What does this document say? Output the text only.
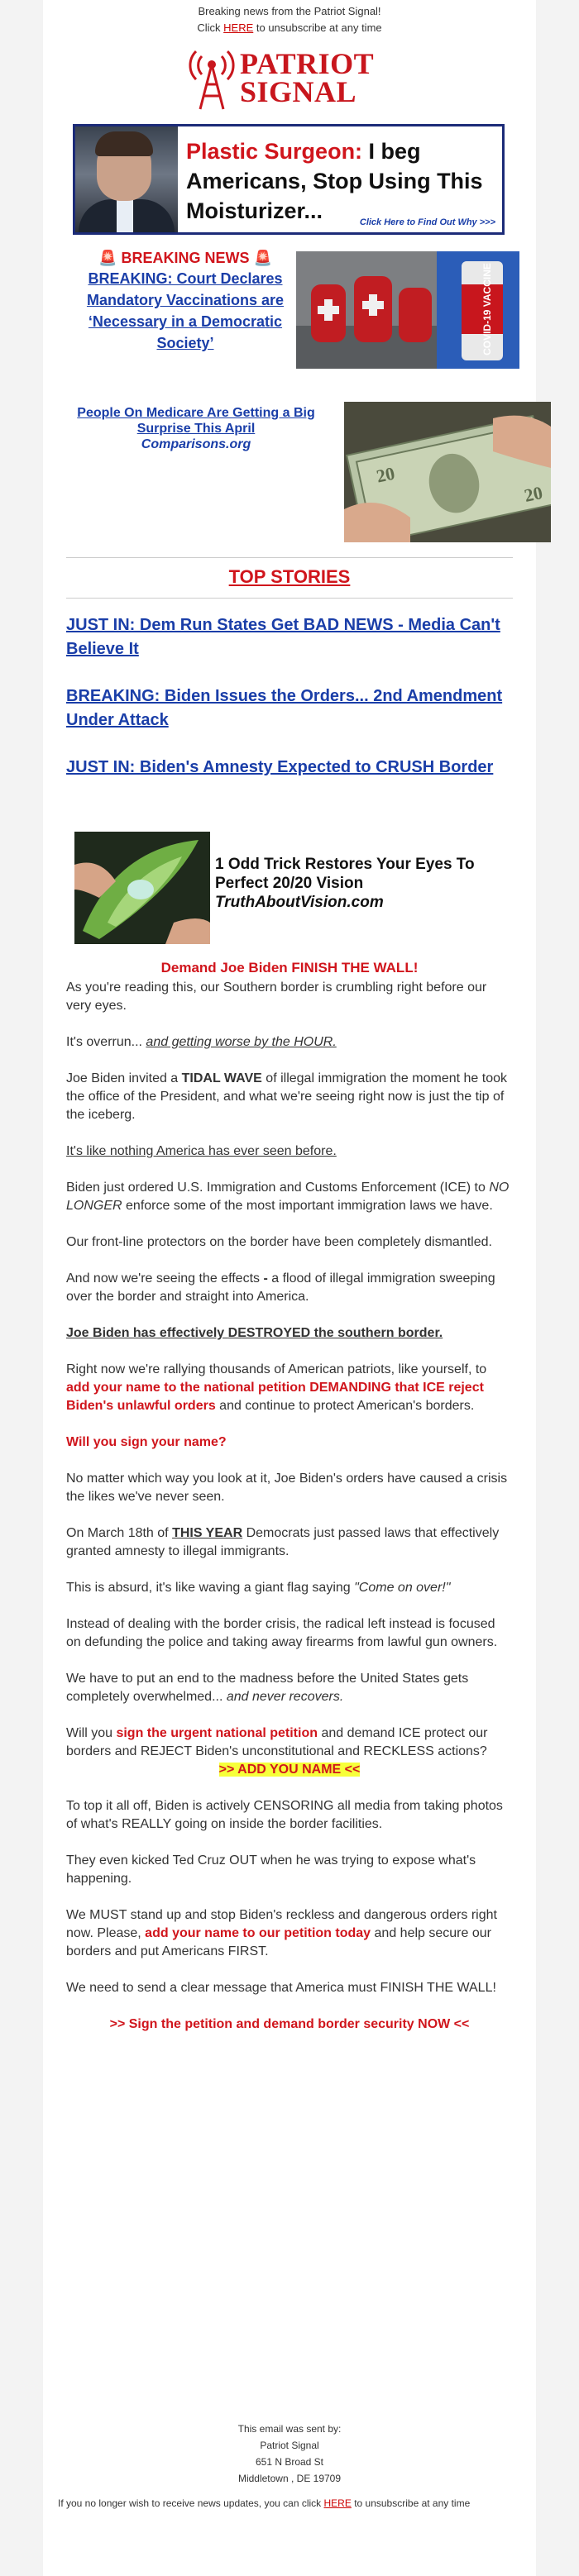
Breaking news from the Patriot Signal!
Click HERE to unsubscribe at any time
PATRIOT
SIGNAL
Plastic Surgeon: I beg Americans, Stop Using This Moisturizer...	Click Here to Find Out Why >>>
🚨 BREAKING NEWS 🚨
BREAKING: Court Declares Mandatory Vaccinations are ‘Necessary in a Democratic Society’	COVID-19 VACCINE
People On Medicare Are Getting a Big Surprise This April
Comparisons.org
20
20
TOP STORIES
JUST IN: Dem Run States Get BAD NEWS - Media Can't Believe It
BREAKING: Biden Issues the Orders... 2nd Amendment Under Attack
JUST IN: Biden's Amnesty Expected to CRUSH Border
1 Odd Trick Restores Your Eyes To Perfect 20/20 Vision
TruthAboutVision.com
Demand Joe Biden FINISH THE WALL!

As you're reading this, our Southern border is crumbling right before our very eyes.

It's overrun... and getting worse by the HOUR.

Joe Biden invited a TIDAL WAVE of illegal immigration the moment he took the office of the President, and what we're seeing right now is just the tip of the iceberg.

It's like nothing America has ever seen before.

Biden just ordered U.S. Immigration and Customs Enforcement (ICE) to NO LONGER enforce some of the most important immigration laws we have.

Our front-line protectors on the border have been completely dismantled.

And now we're seeing the effects - a flood of illegal immigration sweeping over the border and straight into America.

Joe Biden has effectively DESTROYED the southern border.

Right now we're rallying thousands of American patriots, like yourself, to add your name to the national petition DEMANDING that ICE reject Biden's unlawful orders and continue to protect American's borders.

Will you sign your name?

No matter which way you look at it, Joe Biden's orders have caused a crisis the likes we've never seen.

On March 18th of THIS YEAR Democrats just passed laws that effectively granted amnesty to illegal immigrants.

This is absurd, it's like waving a giant flag saying "Come on over!"

Instead of dealing with the border crisis, the radical left instead is focused on defunding the police and taking away firearms from lawful gun owners.

We have to put an end to the madness before the United States gets completely overwhelmed... and never recovers.

Will you sign the urgent national petition and demand ICE protect our borders and REJECT Biden's unconstitutional and RECKLESS actions?

>> ADD YOU NAME <<

To top it all off, Biden is actively CENSORING all media from taking photos of what's REALLY going on inside the border facilities.

They even kicked Ted Cruz OUT when he was trying to expose what's happening.

We MUST stand up and stop Biden's reckless and dangerous orders right now. Please, add your name to our petition today and help secure our borders and put Americans FIRST.

We need to send a clear message that America must FINISH THE WALL!

>> Sign the petition and demand border security NOW <<

This email was sent by:
Patriot Signal
651 N Broad St
Middletown , DE 19709
If you no longer wish to receive news updates, you can click HERE to unsubscribe at any time
